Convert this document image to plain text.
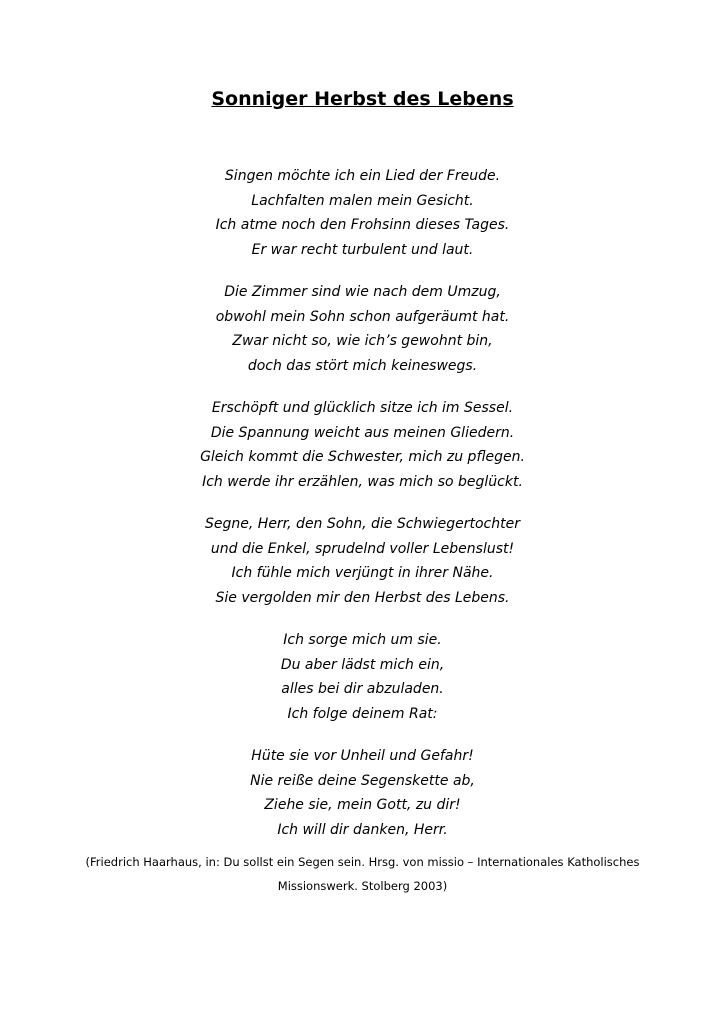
Sonniger Herbst des Lebens
Singen möchte ich ein Lied der Freude.
Lachfalten malen mein Gesicht.
Ich atme noch den Frohsinn dieses Tages.
Er war recht turbulent und laut.
Die Zimmer sind wie nach dem Umzug,
obwohl mein Sohn schon aufgeräumt hat.
Zwar nicht so, wie ich’s gewohnt bin,
doch das stört mich keineswegs.
Erschöpft und glücklich sitze ich im Sessel.
Die Spannung weicht aus meinen Gliedern.
Gleich kommt die Schwester, mich zu pflegen.
Ich werde ihr erzählen, was mich so beglückt.
Segne, Herr, den Sohn, die Schwiegertochter
und die Enkel, sprudelnd voller Lebenslust!
Ich fühle mich verjüngt in ihrer Nähe.
Sie vergolden mir den Herbst des Lebens.
Ich sorge mich um sie.
Du aber lädst mich ein,
alles bei dir abzuladen.
Ich folge deinem Rat:
Hüte sie vor Unheil und Gefahr!
Nie reiße deine Segenskette ab,
Ziehe sie, mein Gott, zu dir!
Ich will dir danken, Herr.
(Friedrich Haarhaus, in: Du sollst ein Segen sein. Hrsg. von missio – Internationales Katholisches
Missionswerk. Stolberg 2003)
